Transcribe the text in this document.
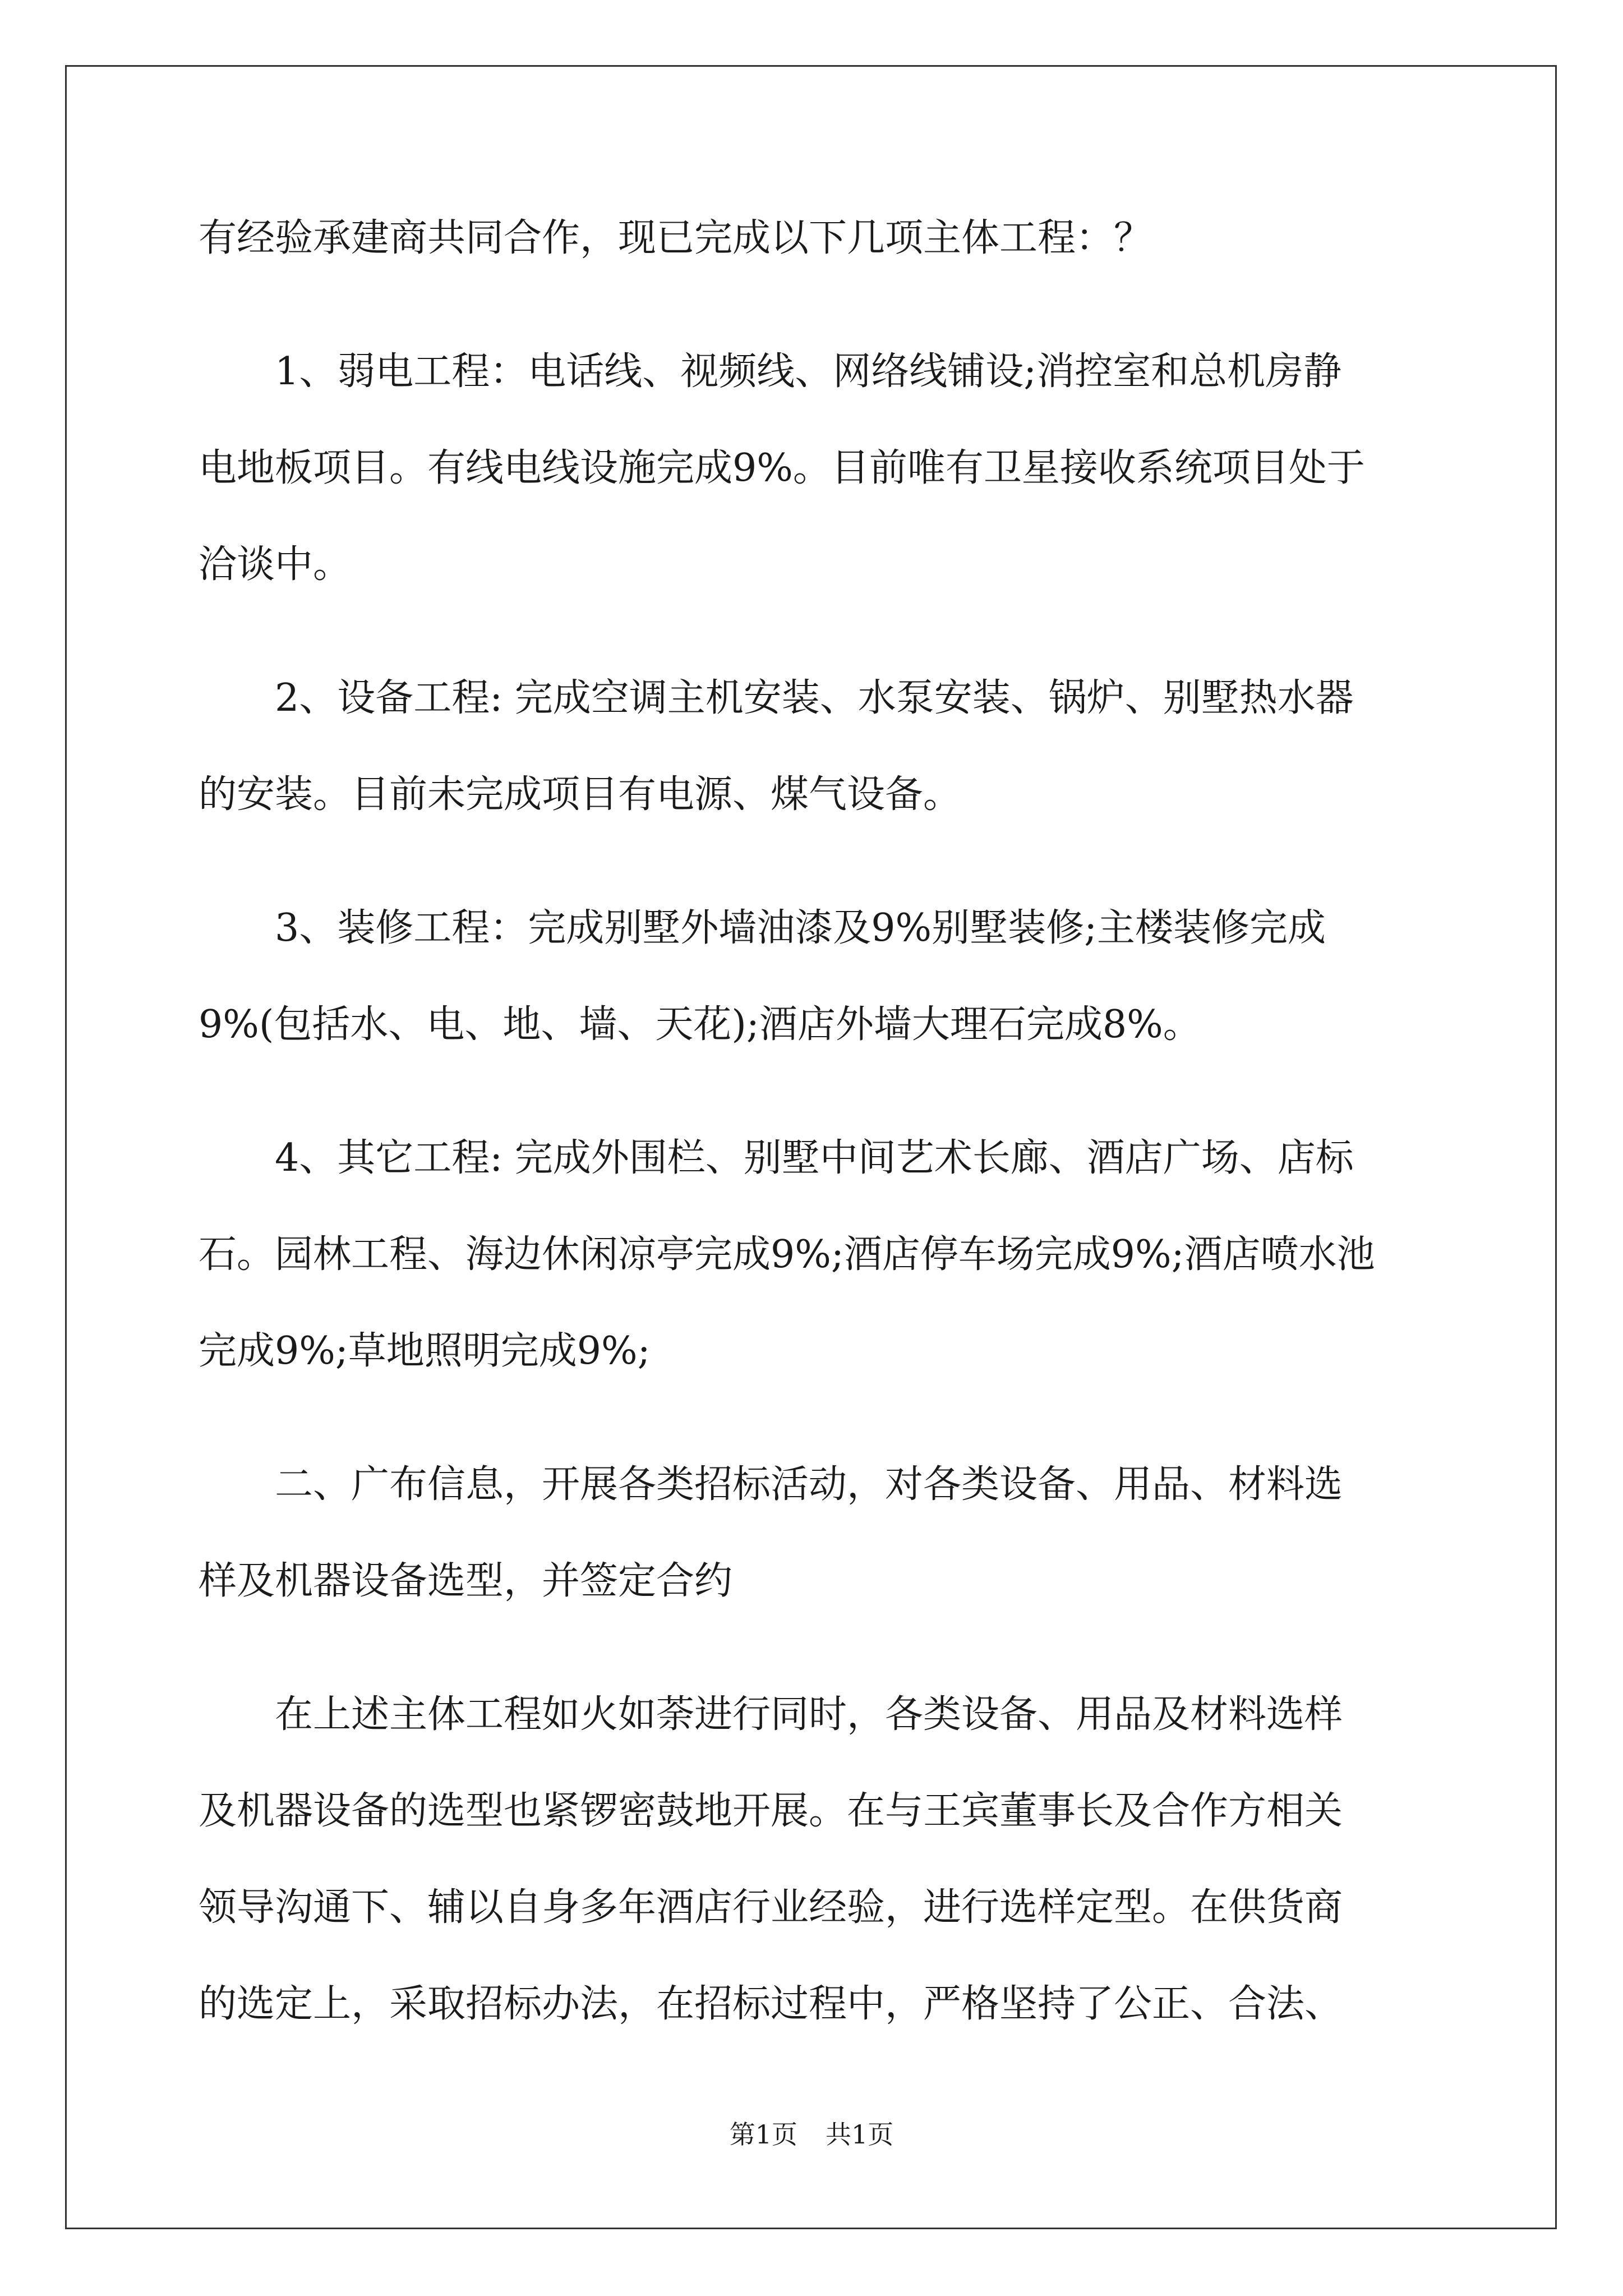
有经验承建商共同合作，现已完成以下几项主体工程：？
1、弱电工程：电话线、视频线、网络线铺设;消控室和总机房静
电地板项目。有线电线设施完成9%。目前唯有卫星接收系统项目处于
洽谈中。
2、设备工程: 完成空调主机安装、水泵安装、锅炉、别墅热水器
的安装。目前未完成项目有电源、煤气设备。
3、装修工程：完成别墅外墙油漆及9%别墅装修;主楼装修完成
9%(包括水、电、地、墙、天花);酒店外墙大理石完成8%。
4、其它工程: 完成外围栏、别墅中间艺术长廊、酒店广场、店标
石。园林工程、海边休闲凉亭完成9%;酒店停车场完成9%;酒店喷水池
完成9%;草地照明完成9%;
二、广布信息，开展各类招标活动，对各类设备、用品、材料选
样及机器设备选型，并签定合约
在上述主体工程如火如荼进行同时，各类设备、用品及材料选样
及机器设备的选型也紧锣密鼓地开展。在与王宾董事长及合作方相关
领导沟通下、辅以自身多年酒店行业经验，进行选样定型。在供货商
的选定上，采取招标办法，在招标过程中，严格坚持了公正、合法、
第1页 共1页
